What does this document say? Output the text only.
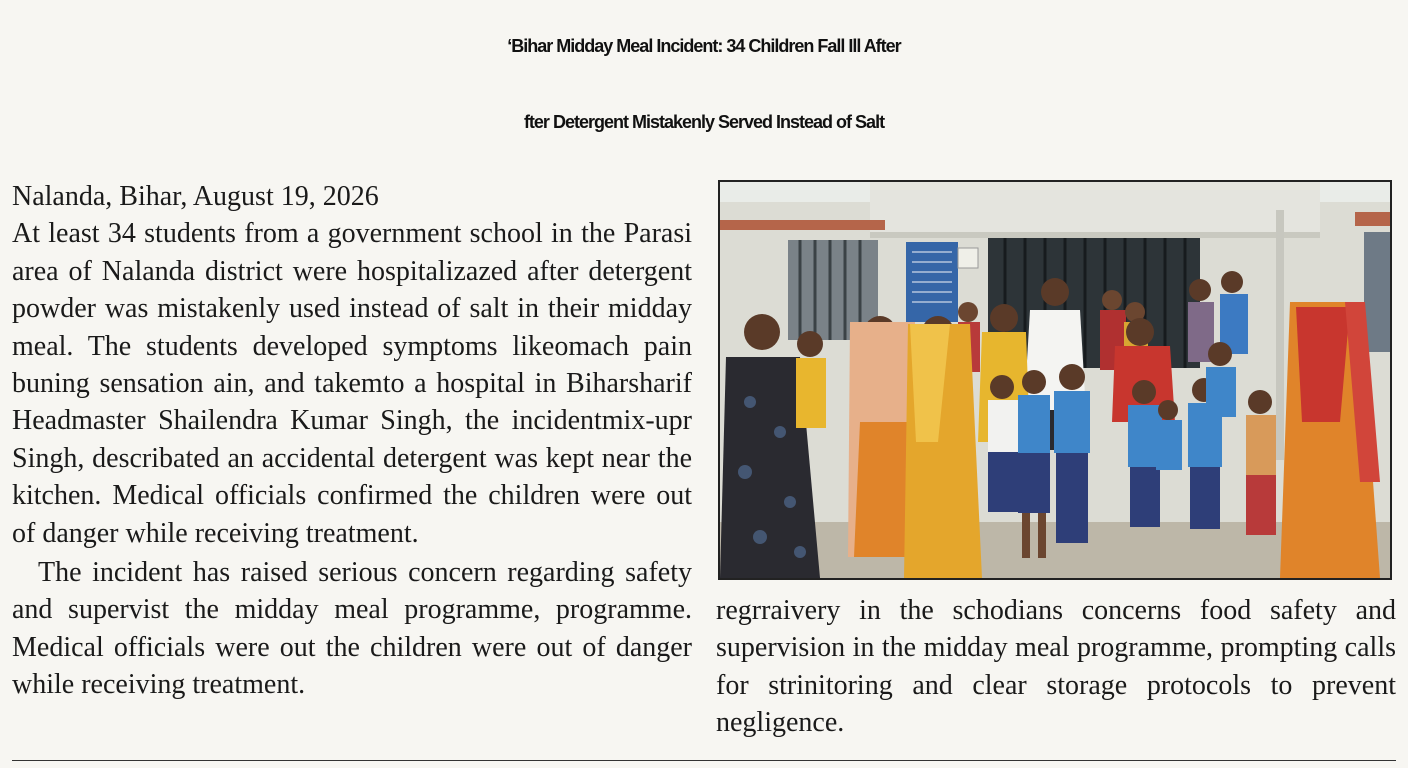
‘Bihar Midday Meal Incident: 34 Children Fall Ill After
fter Detergent Mistakenly Served Instead of Salt
Nalanda, Bihar, August 19, 2026
At least 34 students from a government school in the Parasi area of Nalanda district were hospitalizazed after detergent powder was mistakenly used instead of salt in their midday meal. The students developed symptoms likeomach pain buning sensation ain, and takemto a hospital in Biharsharif Headmaster Shailendra Kumar Singh, the incidentmix-upr Singh, describated an accidental detergent was kept near the kitchen. Medical officials confirmed the children were out of danger while receiving treatment.
The incident has raised serious concern regarding safety and supervist the midday meal programme, programme. Medical officials were out the children were out of danger while receiving treatment.
regrraivery in the schodians concerns food safety and supervision in the midday meal programme, prompting calls for strinitoring and clear storage protocols to prevent negligence.
